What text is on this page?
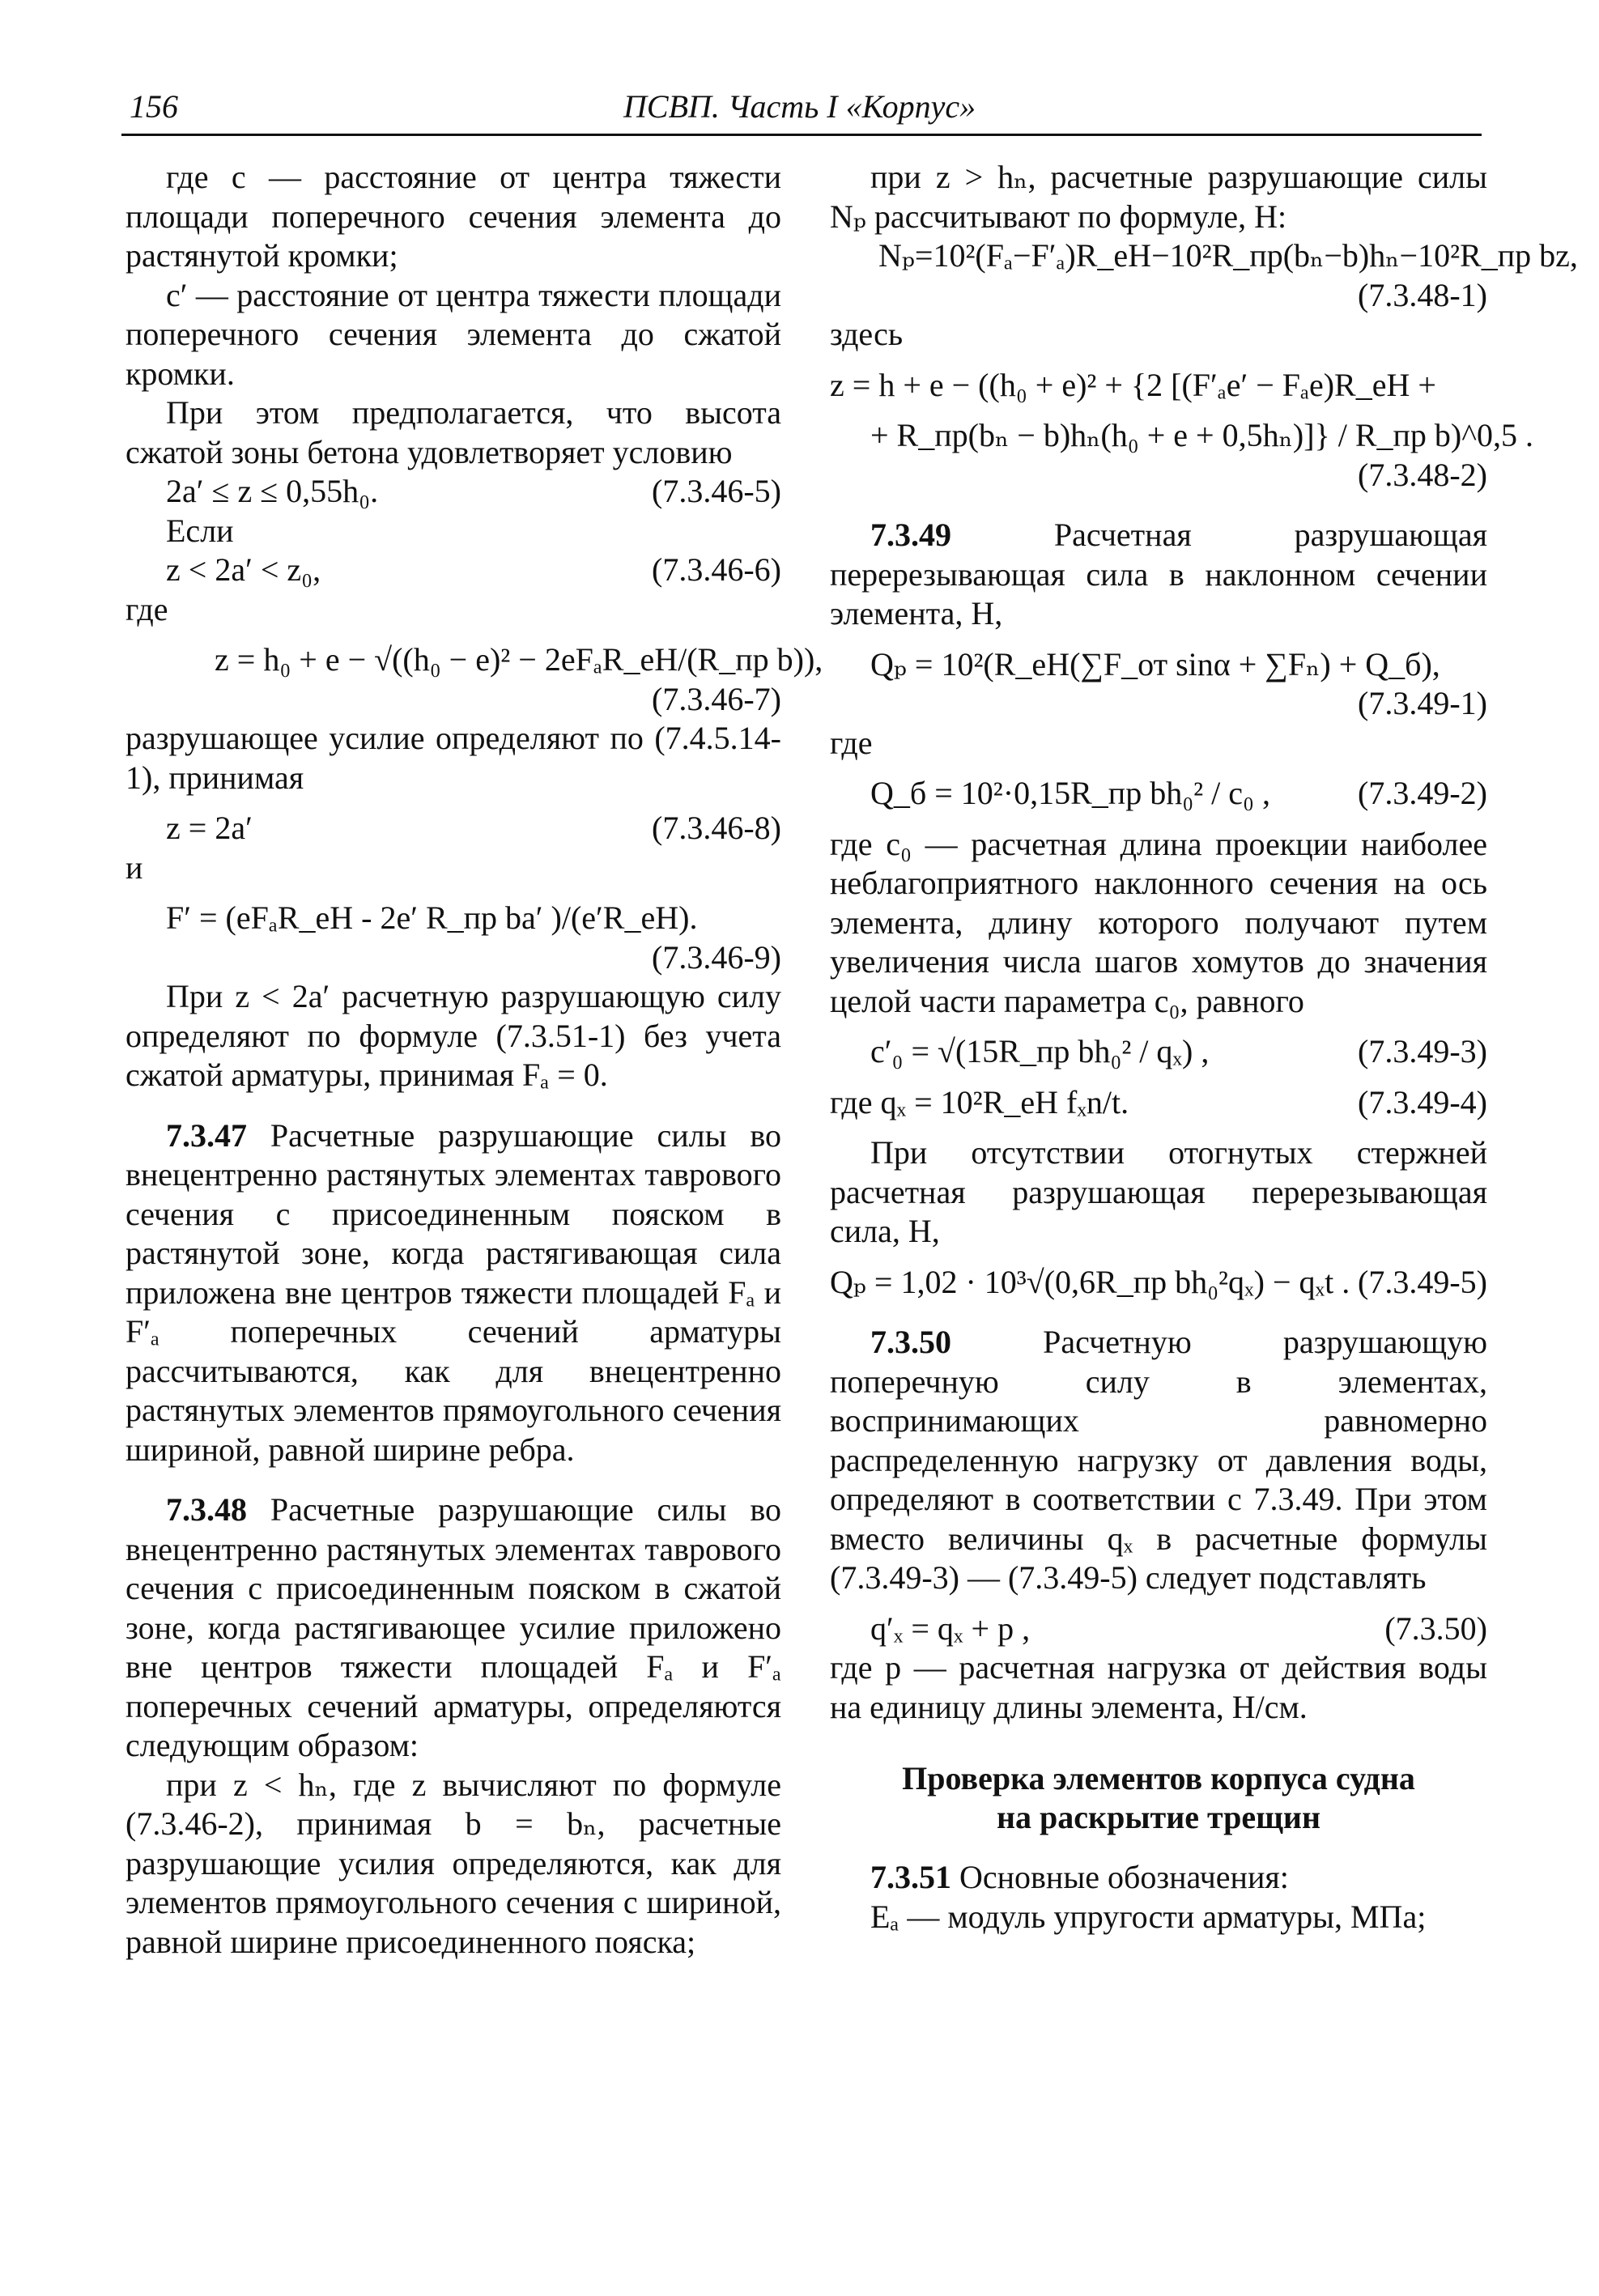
156	ПСВП. Часть I «Корпус»

где c — расстояние от центра тяжести площади поперечного сечения элемента до растянутой кромки;

c′ — расстояние от центра тяжести площади поперечного сечения элемента до сжатой кромки.

При этом предполагается, что высота сжатой зоны бетона удовлетворяет условию

2a′ ≤ z ≤ 0,55h₀.	(7.3.46-5)

Если

z < 2a′ < z₀,	(7.3.46-6)

где

z = h₀ + e − √((h₀ − e)² − 2eFₐR_eH/(R_пр b)),
(7.3.46-7)

разрушающее усилие определяют по (7.4.5.14-1), принимая

z = 2a′	(7.3.46-8)

и

F′ = (eFₐR_eH - 2e′ R_пр ba′ )/(e′R_eH).
(7.3.46-9)

При z < 2a′ расчетную разрушающую силу определяют по формуле (7.3.51-1) без учета сжатой арматуры, принимая Fₐ = 0.

7.3.47 Расчетные разрушающие силы во внецентренно растянутых элементах таврового сечения с присоединенным пояском в растянутой зоне, когда растягивающая сила приложена вне центров тяжести площадей Fₐ и F′ₐ поперечных сечений арматуры рассчитываются, как для внецентренно растянутых элементов прямоугольного сечения шириной, равной ширине ребра.

7.3.48 Расчетные разрушающие силы во внецентренно растянутых элементах таврового сечения с присоединенным пояском в сжатой зоне, когда растягивающее усилие приложено вне центров тяжести площадей Fₐ и F′ₐ поперечных сечений арматуры, определяются следующим образом:

при z < hₙ, где z вычисляют по формуле (7.3.46-2), принимая b = bₙ, расчетные разрушающие усилия определяются, как для элементов прямоугольного сечения с шириной, равной ширине присоединенного пояска;

при z > hₙ, расчетные разрушающие силы Nₚ рассчитывают по формуле, Н:

Nₚ=10²(Fₐ−F′ₐ)R_eH−10²R_пр(bₙ−b)hₙ−10²R_пр bz,
(7.3.48-1)

здесь

z = h + e − ((h₀ + e)² + {2 [(F′ₐe′ − Fₐe)R_eH +
+ R_пр(bₙ − b)hₙ(h₀ + e + 0,5hₙ)]} / R_пр b)^0,5 .
(7.3.48-2)

7.3.49	Расчетная разрушающая перерезывающая сила в наклонном сечении элемента, Н,

Qₚ = 10²(R_eH(∑F_от sinα + ∑Fₙ) + Q_б),
(7.3.49-1)

где

Q_б = 10²·0,15R_пр bh₀² / c₀ ,	(7.3.49-2)

где c₀ — расчетная длина проекции наиболее неблагоприятного наклонного сечения на ось элемента, длину которого получают путем увеличения числа шагов хомутов до значения целой части параметра c₀, равного

c′₀ = √(15R_пр bh₀² / qₓ) ,	(7.3.49-3)
где qₓ = 10²R_eH fₓn/t.	(7.3.49-4)

При отсутствии отогнутых стержней расчетная разрушающая перерезывающая сила, Н,

Qₚ = 1,02 · 10³√(0,6R_пр bh₀²qₓ) − qₓt . (7.3.49-5)

7.3.50	Расчетную разрушающую поперечную силу в элементах, воспринимающих равномерно распределенную нагрузку от давления воды, определяют в соответствии с 7.3.49. При этом вместо величины qₓ в расчетные формулы (7.3.49-3) — (7.3.49-5) следует подставлять

q′ₓ = qₓ + p ,	(7.3.50)

где p — расчетная нагрузка от действия воды на единицу длины элемента, Н/см.

Проверка элементов корпуса судна

на раскрытие трещин

7.3.51 Основные обозначения:

Eₐ — модуль упругости арматуры, МПа;
